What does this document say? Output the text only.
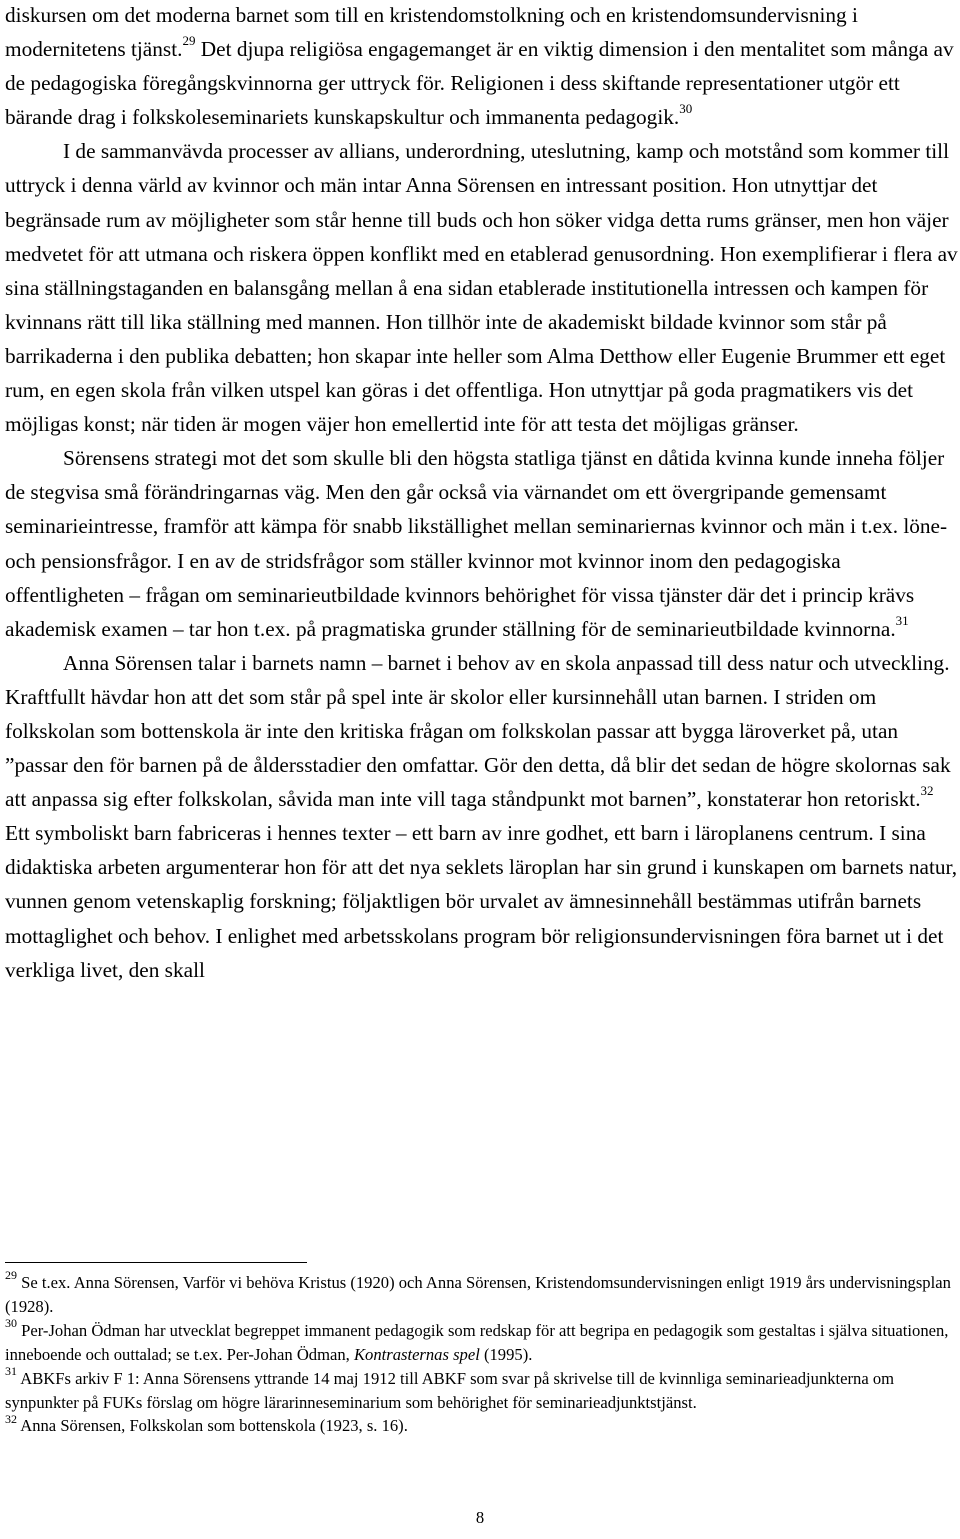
diskursen om det moderna barnet som till en kristendomstolkning och en kristendomsundervisning i modernitetens tjänst.$^{29}$ Det djupa religiösa engagemanget är en viktig dimension i den mentalitet som många av de pedagogiska föregångskvinnorna ger uttryck för. Religionen i dess skiftande representationer utgör ett bärande drag i folkskoleseminariets kunskapskultur och immanenta pedagogik.$^{30}$

I de sammanvävda processer av allians, underordning, uteslutning, kamp och motstånd som kommer till uttryck i denna värld av kvinnor och män intar Anna Sörensen en intressant position. Hon utnyttjar det begränsade rum av möjligheter som står henne till buds och hon söker vidga detta rums gränser, men hon väjer medvetet för att utmana och riskera öppen konflikt med en etablerad genusordning. Hon exemplifierar i flera av sina ställningstaganden en balansgång mellan å ena sidan etablerade institutionella intressen och kampen för kvinnans rätt till lika ställning med mannen. Hon tillhör inte de akademiskt bildade kvinnor som står på barrikaderna i den publika debatten; hon skapar inte heller som Alma Detthow eller Eugenie Brummer ett eget rum, en egen skola från vilken utspel kan göras i det offentliga. Hon utnyttjar på goda pragmatikers vis det möjligas konst; när tiden är mogen väjer hon emellertid inte för att testa det möjligas gränser.

Sörensens strategi mot det som skulle bli den högsta statliga tjänst en dåtida kvinna kunde inneha följer de stegvisa små förändringarnas väg. Men den går också via värnandet om ett övergripande gemensamt seminarieintresse, framför att kämpa för snabb likställighet mellan seminariernas kvinnor och män i t.ex. löne- och pensionsfrågor. I en av de stridsfrågor som ställer kvinnor mot kvinnor inom den pedagogiska offentligheten – frågan om seminarieutbildade kvinnors behörighet för vissa tjänster där det i princip krävs akademisk examen – tar hon t.ex. på pragmatiska grunder ställning för de seminarieutbildade kvinnorna.$^{31}$

Anna Sörensen talar i barnets namn – barnet i behov av en skola anpassad till dess natur och utveckling. Kraftfullt hävdar hon att det som står på spel inte är skolor eller kursinnehåll utan barnen. I striden om folkskolan som bottenskola är inte den kritiska frågan om folkskolan passar att bygga läroverket på, utan ”passar den för barnen på de åldersstadier den omfattar. Gör den detta, då blir det sedan de högre skolornas sak att anpassa sig efter folkskolan, såvida man inte vill taga ståndpunkt mot barnen”, konstaterar hon retoriskt.$^{32}$ Ett symboliskt barn fabriceras i hennes texter – ett barn av inre godhet, ett barn i läroplanens centrum. I sina didaktiska arbeten argumenterar hon för att det nya seklets läroplan har sin grund i kunskapen om barnets natur, vunnen genom vetenskaplig forskning; följaktligen bör urvalet av ämnesinnehåll bestämmas utifrån barnets mottaglighet och behov. I enlighet med arbetsskolans program bör religionsundervisningen föra barnet ut i det verkliga livet, den skall

$^{29}$ Se t.ex. Anna Sörensen, Varför vi behöva Kristus (1920) och Anna Sörensen, Kristendomsundervisningen enligt 1919 års undervisningsplan (1928).

$^{30}$ Per-Johan Ödman har utvecklat begreppet immanent pedagogik som redskap för att begripa en pedagogik som gestaltas i själva situationen, inneboende och outtalad; se t.ex. Per-Johan Ödman, Kontrasternas spel (1995).

$^{31}$ ABKFs arkiv F 1: Anna Sörensens yttrande 14 maj 1912 till ABKF som svar på skrivelse till de kvinnliga seminarieadjunkterna om synpunkter på FUKs förslag om högre lärarinneseminarium som behörighet för seminarieadjunktstjänst.

$^{32}$ Anna Sörensen, Folkskolan som bottenskola (1923, s. 16).

8
